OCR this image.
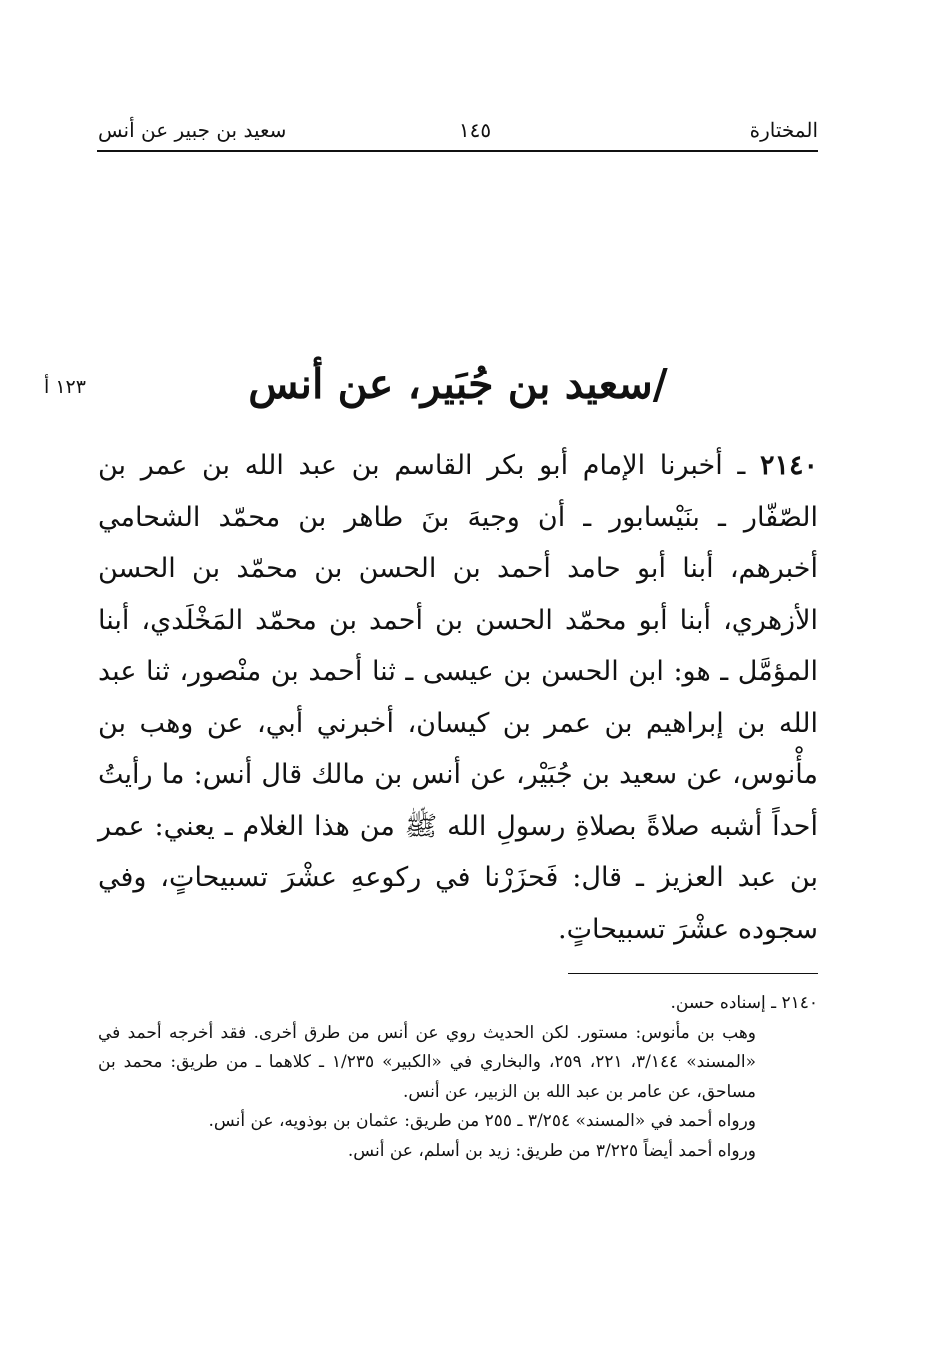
المختارة
١٤٥
سعيد بن جبير عن أنس
١٢٣ أ	/سعيد بن جُبَير، عن أنس
٢١٤٠ ـ أخبرنا الإمام أبو بكر القاسم بن عبد الله بن عمر بن الصّفّار ـ بنَيْسابور ـ أن وجيهَ بنَ طاهر بن محمّد الشحامي أخبرهم، أبنا أبو حامد أحمد بن الحسن بن محمّد بن الحسن الأزهري، أبنا أبو محمّد الحسن بن أحمد بن محمّد المَخْلَدي، أبنا المؤمَّل ـ هو: ابن الحسن بن عيسى ـ ثنا أحمد بن منْصور، ثنا عبد الله بن إبراهيم بن عمر بن كيسان، أخبرني أبي، عن وهب بن مأْنوس، عن سعيد بن جُبَيْر، عن أنس بن مالك قال أنس: ما رأيتُ أحداً أشبه صلاةً بصلاةِ رسولِ الله ﷺ من هذا الغلام ـ يعني: عمر بن عبد العزيز ـ قال: فَحزَرْنا في ركوعهِ عشْرَ تسبيحاتٍ، وفي سجوده عشْرَ تسبيحاتٍ.

٢١٤٠ ـ إسناده حسن.

وهب بن مأنوس: مستور. لكن الحديث روي عن أنس من طرق أخرى. فقد أخرجه أحمد في «المسند» ٣/١٤٤، ٢٢١، ٢٥٩، والبخاري في «الكبير» ١/٢٣٥ ـ كلاهما ـ من طريق: محمد بن مساحق، عن عامر بن عبد الله بن الزبير، عن أنس.

ورواه أحمد في «المسند» ٣/٢٥٤ ـ ٢٥٥ من طريق: عثمان بن بوذويه، عن أنس.

ورواه أحمد أيضاً ٣/٢٢٥ من طريق: زيد بن أسلم، عن أنس.
